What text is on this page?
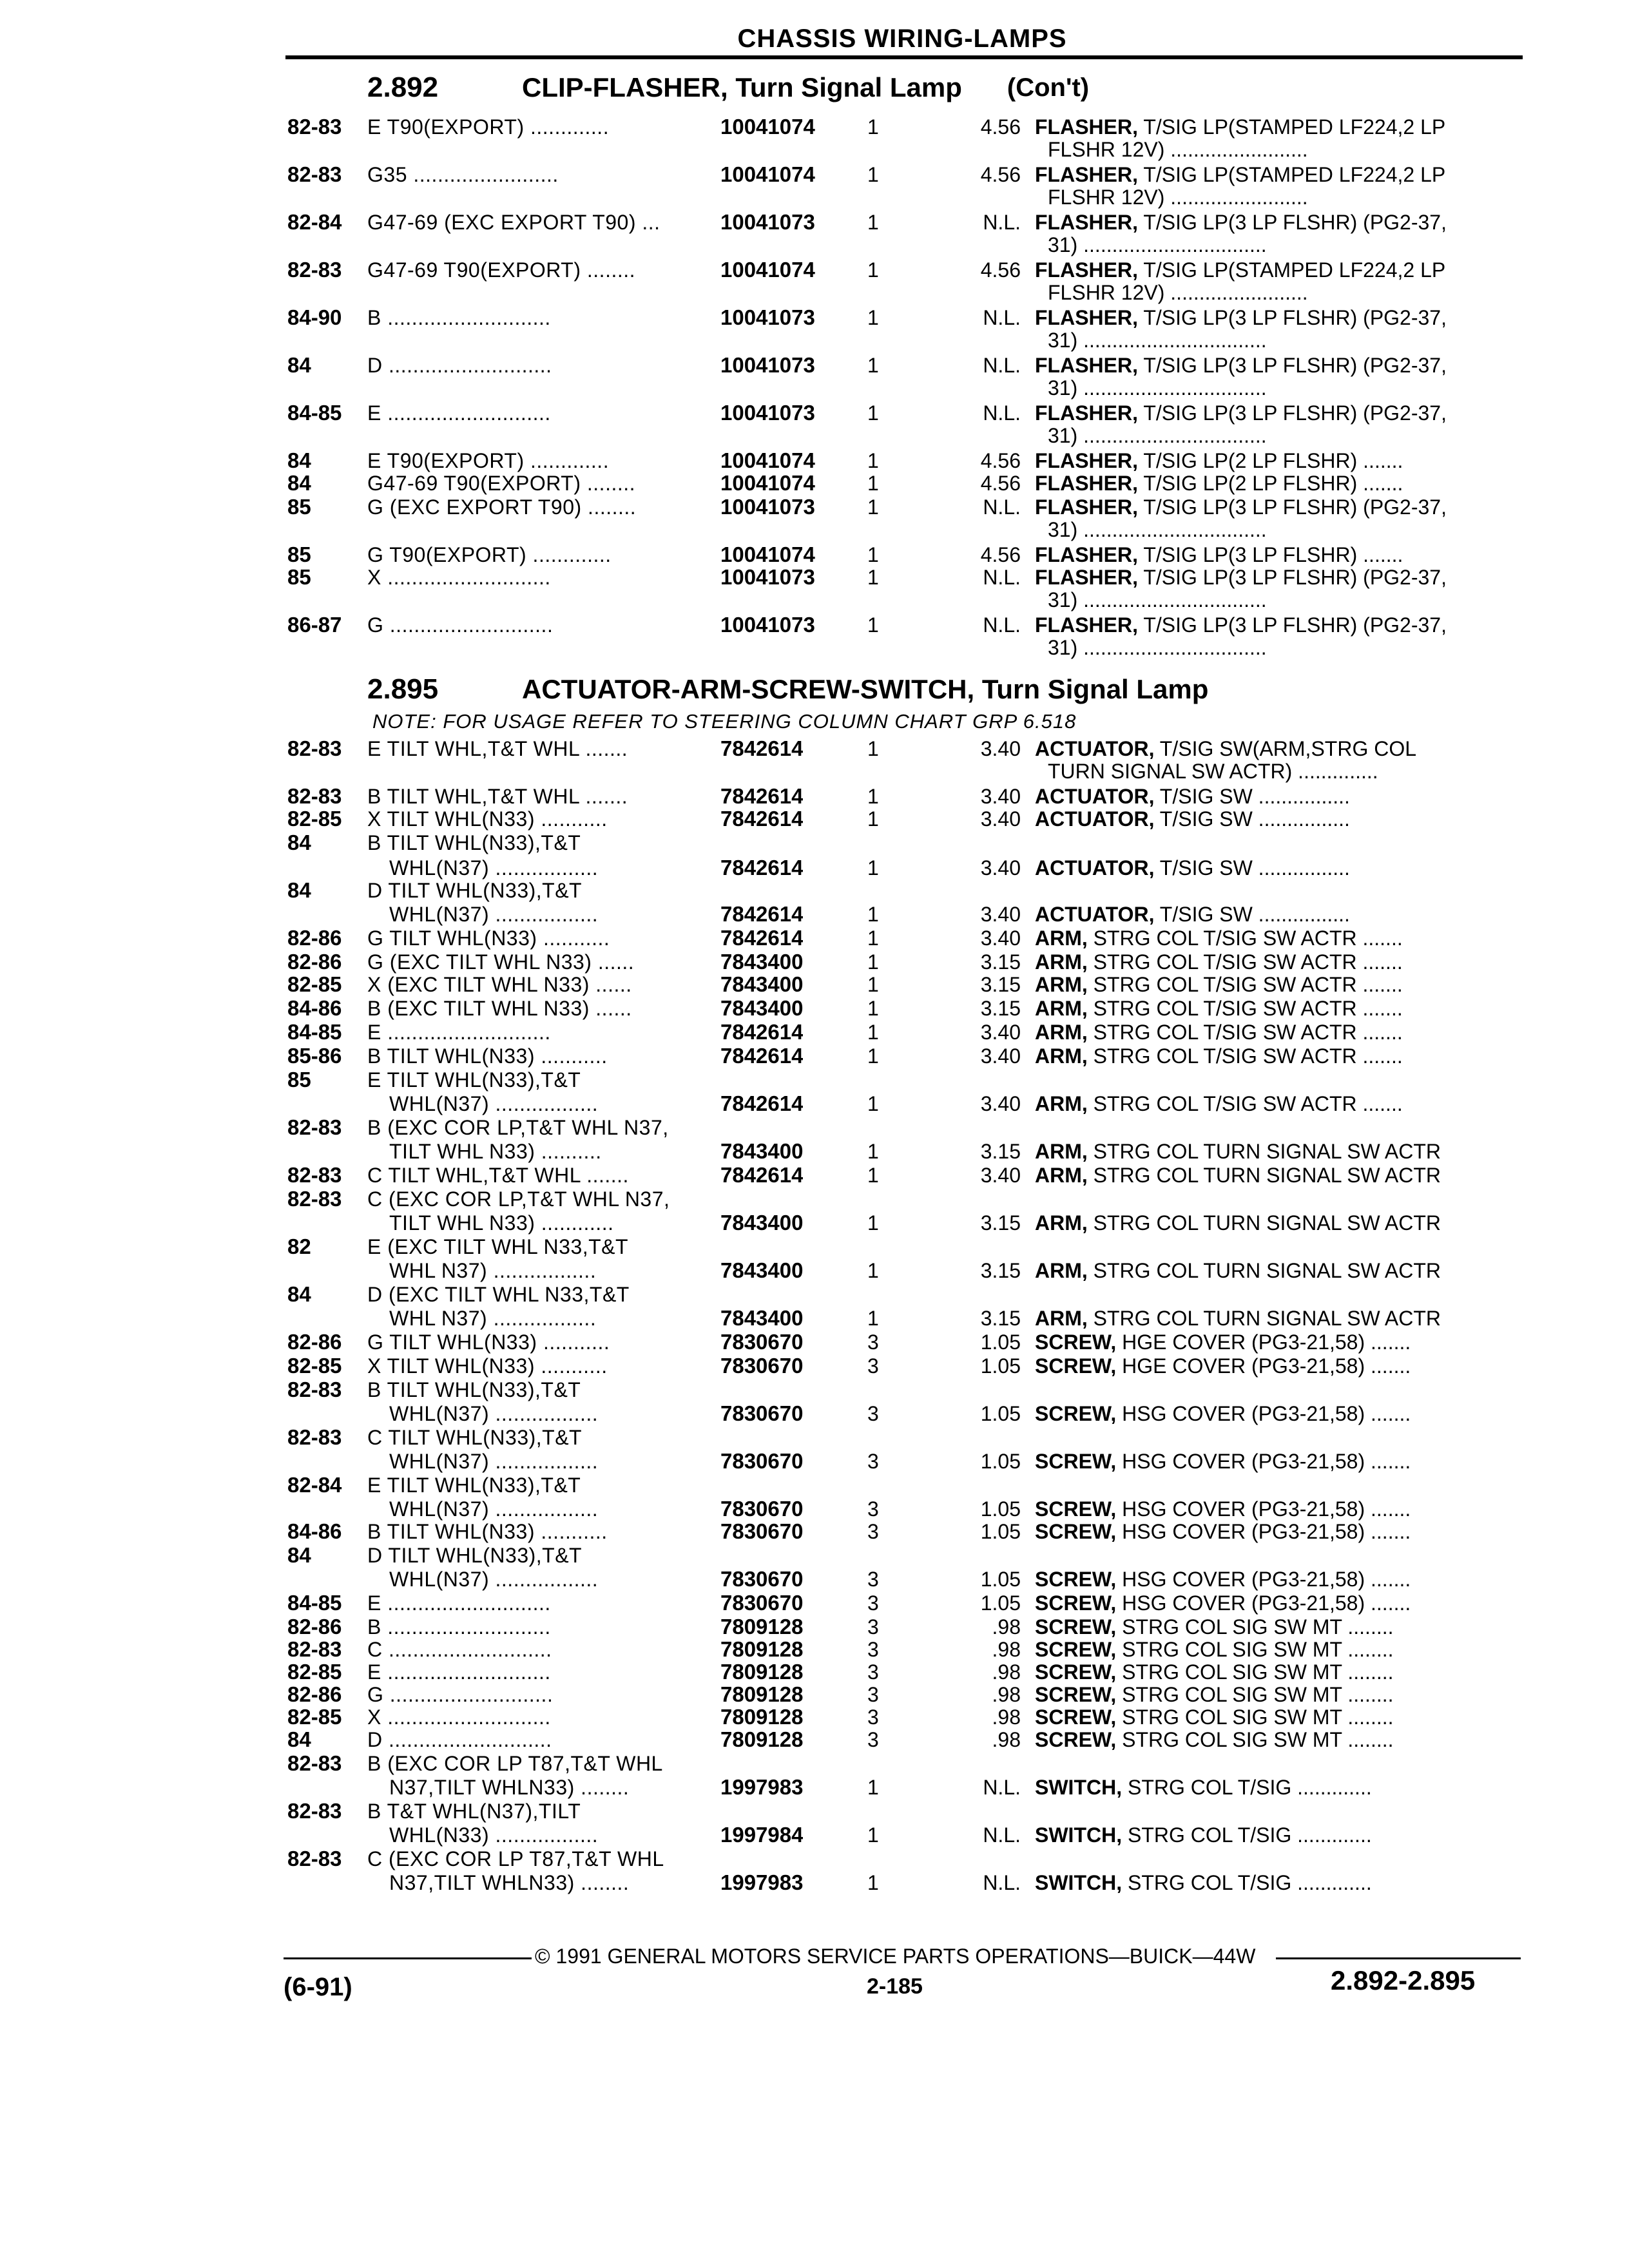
CHASSIS WIRING-LAMPS
2.892	CLIP-FLASHER, Turn Signal Lamp (Con't)
2.895	ACTUATOR-ARM-SCREW-SWITCH, Turn Signal Lamp
NOTE: FOR USAGE REFER TO STEERING COLUMN CHART GRP 6.518
82-83	E T90(EXPORT) .............	10041074	1	4.56 FLASHER, T/SIG LP(STAMPED LF224,2 LP
FLSHR 12V) ........................
82-83	G35 ........................	10041074	1	4.56 FLASHER, T/SIG LP(STAMPED LF224,2 LP
FLSHR 12V) ........................
82-84	G47-69 (EXC EXPORT T90) ...	10041073	1	N.L. FLASHER, T/SIG LP(3 LP FLSHR) (PG2-37,
31) ................................
82-83	G47-69 T90(EXPORT) ........	10041074	1	4.56 FLASHER, T/SIG LP(STAMPED LF224,2 LP
FLSHR 12V) ........................
84-90	B ...........................	10041073	1	N.L. FLASHER, T/SIG LP(3 LP FLSHR) (PG2-37,
31) ................................
84	D ...........................	10041073	1	N.L. FLASHER, T/SIG LP(3 LP FLSHR) (PG2-37,
31) ................................
84-85	E ...........................	10041073	1	N.L. FLASHER, T/SIG LP(3 LP FLSHR) (PG2-37,
31) ................................
84	E T90(EXPORT) .............	10041074	1	4.56 FLASHER, T/SIG LP(2 LP FLSHR) .......
84	G47-69 T90(EXPORT) ........	10041074	1	4.56 FLASHER, T/SIG LP(2 LP FLSHR) .......
85	G (EXC EXPORT T90) ........	10041073	1	N.L. FLASHER, T/SIG LP(3 LP FLSHR) (PG2-37,
31) ................................
85	G T90(EXPORT) .............	10041074	1	4.56 FLASHER, T/SIG LP(3 LP FLSHR) .......
85	X ...........................	10041073	1	N.L. FLASHER, T/SIG LP(3 LP FLSHR) (PG2-37,
31) ................................
86-87	G ...........................	10041073	1	N.L. FLASHER, T/SIG LP(3 LP FLSHR) (PG2-37,
31) ................................
82-83	E TILT WHL,T&T WHL .......	7842614	1	3.40 ACTUATOR, T/SIG SW(ARM,STRG COL
TURN SIGNAL SW ACTR) ..............
82-83	B TILT WHL,T&T WHL .......	7842614	1	3.40 ACTUATOR, T/SIG SW ................
82-85	X TILT WHL(N33) ...........	7842614	1	3.40 ACTUATOR, T/SIG SW ................
84	B TILT WHL(N33),T&T
WHL(N37) .................	7842614	1	3.40 ACTUATOR, T/SIG SW ................
84	D TILT WHL(N33),T&T
WHL(N37) .................	7842614	1	3.40 ACTUATOR, T/SIG SW ................
82-86	G TILT WHL(N33) ...........	7842614	1	3.40 ARM, STRG COL T/SIG SW ACTR .......
82-86	G (EXC TILT WHL N33) ......	7843400	1	3.15 ARM, STRG COL T/SIG SW ACTR .......
82-85	X (EXC TILT WHL N33) ......	7843400	1	3.15 ARM, STRG COL T/SIG SW ACTR .......
84-86	B (EXC TILT WHL N33) ......	7843400	1	3.15 ARM, STRG COL T/SIG SW ACTR .......
84-85	E ...........................	7842614	1	3.40 ARM, STRG COL T/SIG SW ACTR .......
85-86	B TILT WHL(N33) ...........	7842614	1	3.40 ARM, STRG COL T/SIG SW ACTR .......
85	E TILT WHL(N33),T&T
WHL(N37) .................	7842614	1	3.40 ARM, STRG COL T/SIG SW ACTR .......
82-83	B (EXC COR LP,T&T WHL N37,
TILT WHL N33) ..........	7843400	1	3.15 ARM, STRG COL TURN SIGNAL SW ACTR
82-83	C TILT WHL,T&T WHL .......	7842614	1	3.40 ARM, STRG COL TURN SIGNAL SW ACTR
82-83	C (EXC COR LP,T&T WHL N37,
TILT WHL N33) ............	7843400	1	3.15 ARM, STRG COL TURN SIGNAL SW ACTR
82	E (EXC TILT WHL N33,T&T
WHL N37) .................	7843400	1	3.15 ARM, STRG COL TURN SIGNAL SW ACTR
84	D (EXC TILT WHL N33,T&T
WHL N37) .................	7843400	1	3.15 ARM, STRG COL TURN SIGNAL SW ACTR
82-86	G TILT WHL(N33) ...........	7830670	3	1.05 SCREW, HGE COVER (PG3-21,58) .......
82-85	X TILT WHL(N33) ...........	7830670	3	1.05 SCREW, HGE COVER (PG3-21,58) .......
82-83	B TILT WHL(N33),T&T
WHL(N37) .................	7830670	3	1.05 SCREW, HSG COVER (PG3-21,58) .......
82-83	C TILT WHL(N33),T&T
WHL(N37) .................	7830670	3	1.05 SCREW, HSG COVER (PG3-21,58) .......
82-84	E TILT WHL(N33),T&T
WHL(N37) .................	7830670	3	1.05 SCREW, HSG COVER (PG3-21,58) .......
84-86	B TILT WHL(N33) ...........	7830670	3	1.05 SCREW, HSG COVER (PG3-21,58) .......
84	D TILT WHL(N33),T&T
WHL(N37) .................	7830670	3	1.05 SCREW, HSG COVER (PG3-21,58) .......
84-85	E ...........................	7830670	3	1.05 SCREW, HSG COVER (PG3-21,58) .......
82-86	B ...........................	7809128	3	.98 SCREW, STRG COL SIG SW MT ........
82-83	C ...........................	7809128	3	.98 SCREW, STRG COL SIG SW MT ........
82-85	E ...........................	7809128	3	.98 SCREW, STRG COL SIG SW MT ........
82-86	G ...........................	7809128	3	.98 SCREW, STRG COL SIG SW MT ........
82-85	X ...........................	7809128	3	.98 SCREW, STRG COL SIG SW MT ........
84	D ...........................	7809128	3	.98 SCREW, STRG COL SIG SW MT ........
82-83	B (EXC COR LP T87,T&T WHL
N37,TILT WHLN33) ........	1997983	1	N.L. SWITCH, STRG COL T/SIG .............
82-83	B T&T WHL(N37),TILT
WHL(N33) .................	1997984	1	N.L. SWITCH, STRG COL T/SIG .............
82-83	C (EXC COR LP T87,T&T WHL
N37,TILT WHLN33) ........	1997983	1	N.L. SWITCH, STRG COL T/SIG .............
© 1991 GENERAL MOTORS SERVICE PARTS OPERATIONS—BUICK—44W
(6-91)	2-185	2.892-2.895
